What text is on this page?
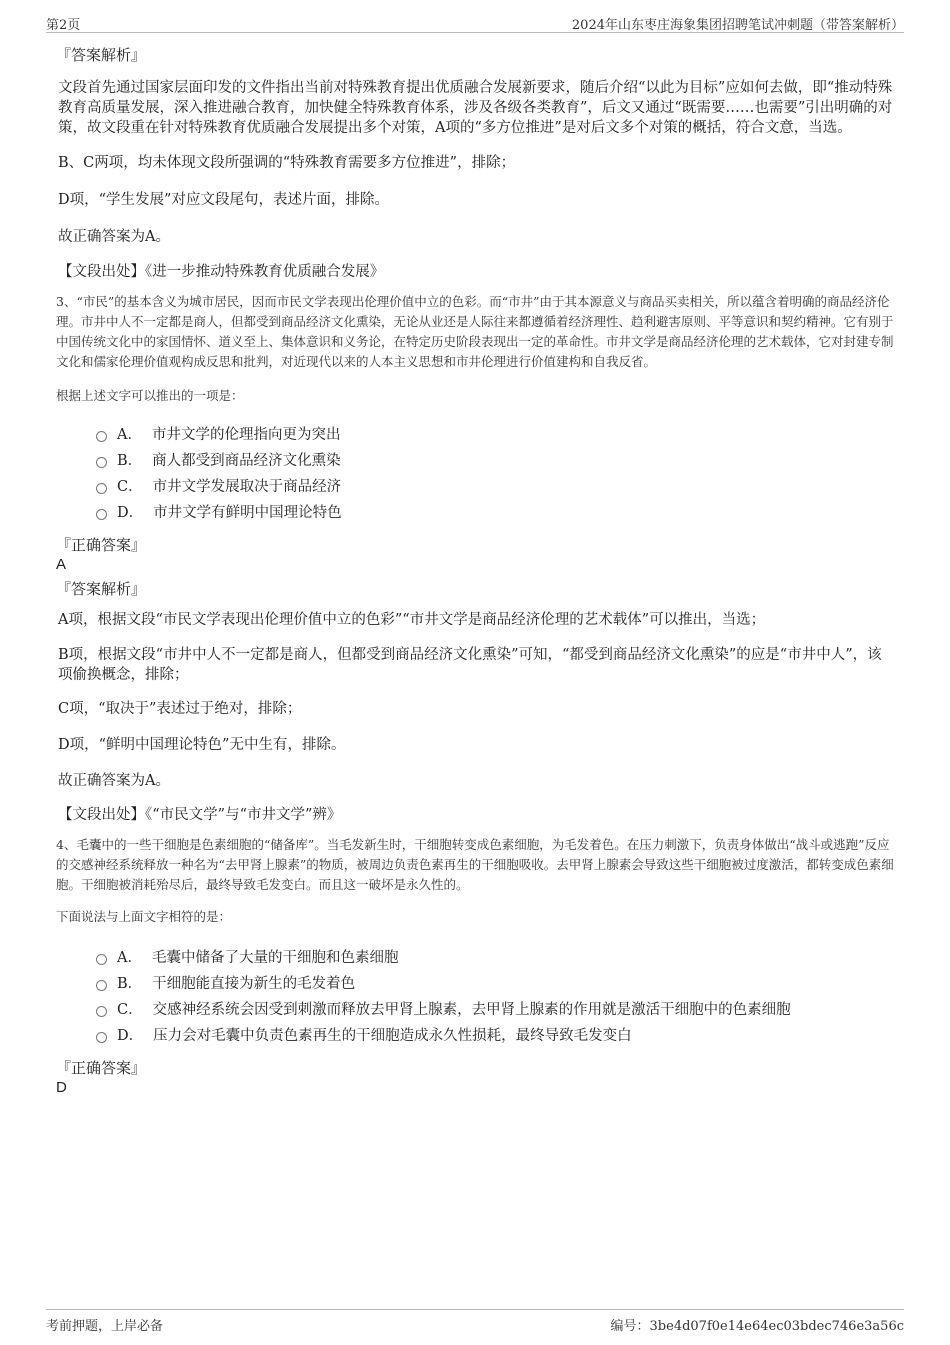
第2页	2024年山东枣庄海象集团招聘笔试冲刺题（带答案解析）

『答案解析』

文段首先通过国家层面印发的文件指出当前对特殊教育提出优质融合发展新要求，随后介绍“以此为目标”应如何去做，即“推动特殊教育高质量发展，深入推进融合教育，加快健全特殊教育体系，涉及各级各类教育”，后文又通过“既需要……也需要”引出明确的对策，故文段重在针对特殊教育优质融合发展提出多个对策，A项的“多方位推进”是对后文多个对策的概括，符合文意，当选。

B、C两项，均未体现文段所强调的“特殊教育需要多方位推进”，排除；

D项，“学生发展”对应文段尾句，表述片面，排除。

故正确答案为A。

【文段出处】《进一步推动特殊教育优质融合发展》

3、“市民”的基本含义为城市居民，因而市民文学表现出伦理价值中立的色彩。而“市井”由于其本源意义与商品买卖相关，所以蕴含着明确的商品经济伦理。市井中人不一定都是商人，但都受到商品经济文化熏染，无论从业还是人际往来都遵循着经济理性、趋利避害原则、平等意识和契约精神。它有别于中国传统文化中的家国情怀、道义至上、集体意识和义务论，在特定历史阶段表现出一定的革命性。市井文学是商品经济伦理的艺术载体，它对封建专制文化和儒家伦理价值观构成反思和批判，对近现代以来的人本主义思想和市井伦理进行价值建构和自我反省。

根据上述文字可以推出的一项是：

A． 市井文学的伦理指向更为突出
B． 商人都受到商品经济文化熏染
C． 市井文学发展取决于商品经济
D． 市井文学有鲜明中国理论特色

『正确答案』

A

『答案解析』

A项，根据文段“市民文学表现出伦理价值中立的色彩”“市井文学是商品经济伦理的艺术载体”可以推出，当选；

B项，根据文段“市井中人不一定都是商人，但都受到商品经济文化熏染”可知，“都受到商品经济文化熏染”的应是“市井中人”，该项偷换概念，排除；

C项，“取决于”表述过于绝对，排除；

D项，“鲜明中国理论特色”无中生有，排除。

故正确答案为A。

【文段出处】《“市民文学”与“市井文学”辨》

4、毛囊中的一些干细胞是色素细胞的“储备库”。当毛发新生时，干细胞转变成色素细胞，为毛发着色。在压力刺激下，负责身体做出“战斗或逃跑”反应的交感神经系统释放一种名为“去甲肾上腺素”的物质，被周边负责色素再生的干细胞吸收。去甲肾上腺素会导致这些干细胞被过度激活，都转变成色素细胞。干细胞被消耗殆尽后，最终导致毛发变白。而且这一破坏是永久性的。

下面说法与上面文字相符的是：

A． 毛囊中储备了大量的干细胞和色素细胞
B． 干细胞能直接为新生的毛发着色
C． 交感神经系统会因受到刺激而释放去甲肾上腺素，去甲肾上腺素的作用就是激活干细胞中的色素细胞
D． 压力会对毛囊中负责色素再生的干细胞造成永久性损耗，最终导致毛发变白

『正确答案』

D

考前押题，上岸必备	编号：3be4d07f0e14e64ec03bdec746e3a56c
